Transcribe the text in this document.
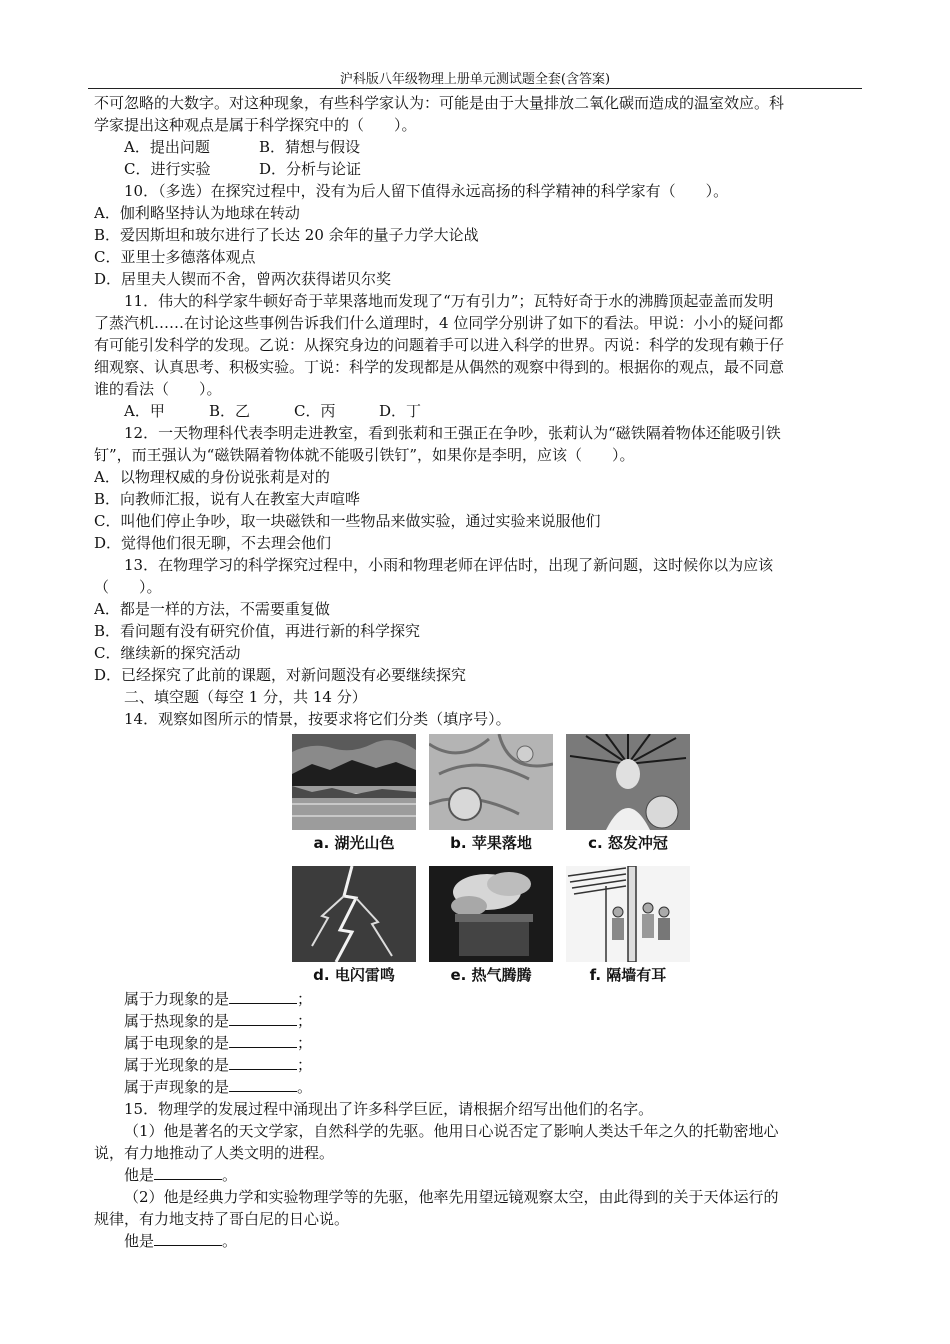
沪科版八年级物理上册单元测试题全套(含答案)
不可忽略的大数字。对这种现象，有些科学家认为：可能是由于大量排放二氧化碳而造成的温室效应。科
学家提出这种观点是属于科学探究中的（　　）。
A．提出问题	B．猜想与假设
C．进行实验	D．分析与论证
10．（多选）在探究过程中，没有为后人留下值得永远高扬的科学精神的科学家有（　　）。
A．伽利略坚持认为地球在转动
B．爱因斯坦和玻尔进行了长达 20 余年的量子力学大论战
C．亚里士多德落体观点
D．居里夫人锲而不舍，曾两次获得诺贝尔奖
11．伟大的科学家牛顿好奇于苹果落地而发现了“万有引力”；瓦特好奇于水的沸腾顶起壶盖而发明
了蒸汽机……在讨论这些事例告诉我们什么道理时，4 位同学分别讲了如下的看法。甲说：小小的疑问都
有可能引发科学的发现。乙说：从探究身边的问题着手可以进入科学的世界。丙说：科学的发现有赖于仔
细观察、认真思考、积极实验。丁说：科学的发现都是从偶然的观察中得到的。根据你的观点，最不同意
谁的看法（　　）。
A．甲	B．乙	C．丙	D．丁
12．一天物理科代表李明走进教室，看到张莉和王强正在争吵，张莉认为“磁铁隔着物体还能吸引铁
钉”，而王强认为“磁铁隔着物体就不能吸引铁钉”，如果你是李明，应该（　　）。
A．以物理权威的身份说张莉是对的
B．向教师汇报，说有人在教室大声喧哗
C．叫他们停止争吵，取一块磁铁和一些物品来做实验，通过实验来说服他们
D．觉得他们很无聊，不去理会他们
13．在物理学习的科学探究过程中，小雨和物理老师在评估时，出现了新问题，这时候你以为应该
（　　）。
A．都是一样的方法，不需要重复做
B．看问题有没有研究价值，再进行新的科学探究
C．继续新的探究活动
D．已经探究了此前的课题，对新问题没有必要继续探究
二、填空题（每空 1 分，共 14 分）
14．观察如图所示的情景，按要求将它们分类（填序号）。
a. 湖光山色	b. 苹果落地	c. 怒发冲冠
d. 电闪雷鸣	e. 热气腾腾	f. 隔墙有耳
属于力现象的是	；
属于热现象的是	；
属于电现象的是	；
属于光现象的是	；
属于声现象的是	。
15．物理学的发展过程中涌现出了许多科学巨匠，请根据介绍写出他们的名字。
（1）他是著名的天文学家，自然科学的先驱。他用日心说否定了影响人类达千年之久的托勒密地心
说，有力地推动了人类文明的进程。
他是	。
（2）他是经典力学和实验物理学等的先驱，他率先用望远镜观察太空，由此得到的关于天体运行的
规律，有力地支持了哥白尼的日心说。
他是	。
